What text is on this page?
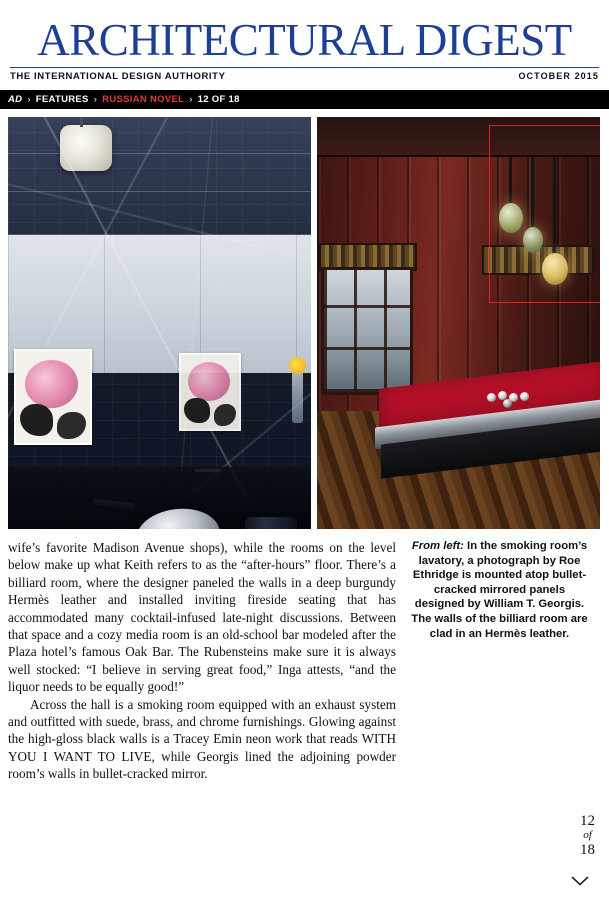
ARCHITECTURAL DIGEST
THE INTERNATIONAL DESIGN AUTHORITY	OCTOBER 2015
AD › FEATURES › RUSSIAN NOVEL › 12 OF 18

wife’s favorite Madison Avenue shops), while the rooms on the level below make up what Keith refers to as the “after-hours” floor. There’s a billiard room, where the designer paneled the walls in a deep burgundy Hermès leather and installed inviting fireside seating that has accommodated many cocktail-infused late-night discussions. Between that space and a cozy media room is an old-school bar modeled after the Plaza hotel’s famous Oak Bar. The Rubensteins make sure it is always well stocked: “I believe in serving great food,” Inga attests, “and the liquor needs to be equally good!”

Across the hall is a smoking room equipped with an exhaust system and outfitted with suede, brass, and chrome furnishings. Glowing against the high-gloss black walls is a Tracey Emin neon work that reads WITH YOU I WANT TO LIVE, while Georgis lined the adjoining powder room’s walls in bullet-cracked mirror.

From left: In the smoking room’s lavatory, a photograph by Roe Ethridge is mounted atop bullet-cracked mirrored panels designed by William T. Georgis. The walls of the billiard room are clad in an Hermès leather.
12
of
18
